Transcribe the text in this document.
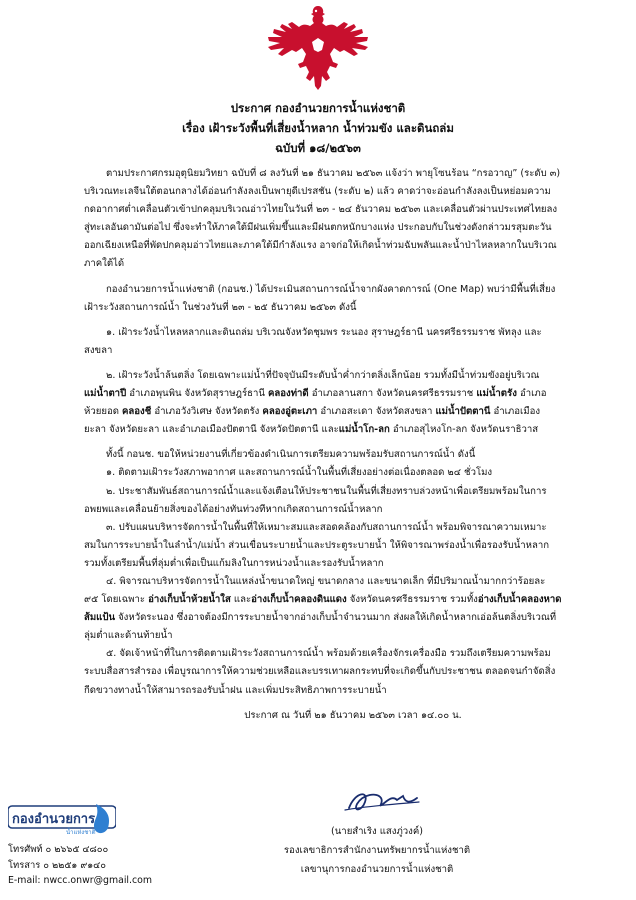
ประกาศ กองอำนวยการน้ำแห่งชาติ
เรื่อง เฝ้าระวังพื้นที่เสี่ยงน้ำหลาก น้ำท่วมขัง และดินถล่ม
ฉบับที่ ๑๘/๒๕๖๓

ตามประกาศกรมอุตุนิยมวิทยา ฉบับที่ ๘ ลงวันที่ ๒๑ ธันวาคม ๒๕๖๓ แจ้งว่า พายุโซนร้อน “กรอวาญ” (ระดับ ๓) บริเวณทะเลจีนใต้ตอนกลางได้อ่อนกำลังลงเป็นพายุดีเปรสชัน (ระดับ ๒) แล้ว คาดว่าจะอ่อนกำลังลงเป็นหย่อมความกดอากาศต่ำเคลื่อนตัวเข้าปกคลุมบริเวณอ่าวไทยในวันที่ ๒๓ - ๒๔ ธันวาคม ๒๕๖๓ และเคลื่อนตัวผ่านประเทศไทยลงสู่ทะเลอันดามันต่อไป ซึ่งจะทำให้ภาคใต้มีฝนเพิ่มขึ้นและมีฝนตกหนักบางแห่ง ประกอบกับในช่วงดังกล่าวมรสุมตะวันออกเฉียงเหนือที่พัดปกคลุมอ่าวไทยและภาคใต้มีกำลังแรง อาจก่อให้เกิดน้ำท่วมฉับพลันและน้ำป่าไหลหลากในบริเวณภาคใต้ได้

กองอำนวยการน้ำแห่งชาติ (กอนช.) ได้ประเมินสถานการณ์น้ำจากผังคาดการณ์ (One Map) พบว่ามีพื้นที่เสี่ยงเฝ้าระวังสถานการณ์น้ำ ในช่วงวันที่ ๒๓ - ๒๕ ธันวาคม ๒๕๖๓ ดังนี้

๑. เฝ้าระวังน้ำไหลหลากและดินถล่ม บริเวณจังหวัดชุมพร ระนอง สุราษฎร์ธานี นครศรีธรรมราช พัทลุง และสงขลา

๒. เฝ้าระวังน้ำล้นตลิ่ง โดยเฉพาะแม่น้ำที่ปัจจุบันมีระดับน้ำค่ำกว่าตลิ่งเล็กน้อย รวมทั้งมีน้ำท่วมขังอยู่บริเวณแม่น้ำตาปี อำเภอพุนพิน จังหวัดสุราษฎร์ธานี คลองท่าดี อำเภอลานสกา จังหวัดนครศรีธรรมราช แม่น้ำตรัง อำเภอห้วยยอด คลองชี อำเภอวังวิเศษ จังหวัดตรัง คลองอู่ตะเภา อำเภอสะเดา จังหวัดสงขลา แม่น้ำปัตตานี อำเภอเมืองยะลา จังหวัดยะลา และอำเภอเมืองปัตตานี จังหวัดปัตตานี และแม่น้ำโก-ลก อำเภอสุไหงโก-ลก จังหวัดนราธิวาส

ทั้งนี้ กอนช. ขอให้หน่วยงานที่เกี่ยวข้องดำเนินการเตรียมความพร้อมรับสถานการณ์น้ำ ดังนี้

๑. ติดตามเฝ้าระวังสภาพอากาศ และสถานการณ์น้ำในพื้นที่เสี่ยงอย่างต่อเนื่องตลอด ๒๔ ชั่วโมง

๒. ประชาสัมพันธ์สถานการณ์น้ำและแจ้งเตือนให้ประชาชนในพื้นที่เสี่ยงทราบล่วงหน้าเพื่อเตรียมพร้อมในการอพยพและเคลื่อนย้ายสิ่งของได้อย่างทันท่วงทีหากเกิดสถานการณ์น้ำหลาก

๓. ปรับแผนบริหารจัดการน้ำในพื้นที่ให้เหมาะสมและสอดคล้องกับสถานการณ์น้ำ พร้อมพิจารณาความเหมาะสมในการระบายน้ำในลำน้ำ/แม่น้ำ ส่วนเขื่อนระบายน้ำและประตูระบายน้ำ ให้พิจารณาพร่องน้ำเพื่อรองรับน้ำหลาก รวมทั้งเตรียมพื้นที่ลุ่มต่ำเพื่อเป็นแก้มลิงในการหน่วงน้ำและรองรับน้ำหลาก

๔. พิจารณาบริหารจัดการน้ำในแหล่งน้ำขนาดใหญ่ ขนาดกลาง และขนาดเล็ก ที่มีปริมาณน้ำมากกว่าร้อยละ ๙๕ โดยเฉพาะ อ่างเก็บน้ำห้วยน้ำใส และอ่างเก็บน้ำคลองดินแดง จังหวัดนครศรีธรรมราช รวมทั้งอ่างเก็บน้ำคลองหาดส้มแป้น จังหวัดระนอง ซึ่งอาจต้องมีการระบายน้ำจากอ่างเก็บน้ำจำนวนมาก ส่งผลให้เกิดน้ำหลากเอ่อล้นตลิ่งบริเวณที่ลุ่มต่ำและด้านท้ายน้ำ

๕. จัดเจ้าหน้าที่ในการติดตามเฝ้าระวังสถานการณ์น้ำ พร้อมด้วยเครื่องจักรเครื่องมือ รวมถึงเตรียมความพร้อมระบบสื่อสารสำรอง เพื่อบูรณาการให้ความช่วยเหลือและบรรเทาผลกระทบที่จะเกิดขึ้นกับประชาชน ตลอดจนกำจัดสิ่งกีดขวางทางน้ำให้สามารถรองรับน้ำฝน และเพิ่มประสิทธิภาพการระบายน้ำ

ประกาศ ณ วันที่ ๒๑ ธันวาคม ๒๕๖๓ เวลา ๑๔.๐๐ น.

(นายสำเริง แสงภู่วงค์)
รองเลขาธิการสำนักงานทรัพยากรน้ำแห่งชาติ
เลขานุการกองอำนวยการน้ำแห่งชาติ
กองอำนวยการ
น้ำแห่งชาติ
โทรศัพท์ ๐ ๒๖๖๕ ๔๘๐๐
โทรสาร ๐ ๒๒๕๑ ๙๑๔๐
E-mail: nwcc.onwr@gmail.com
